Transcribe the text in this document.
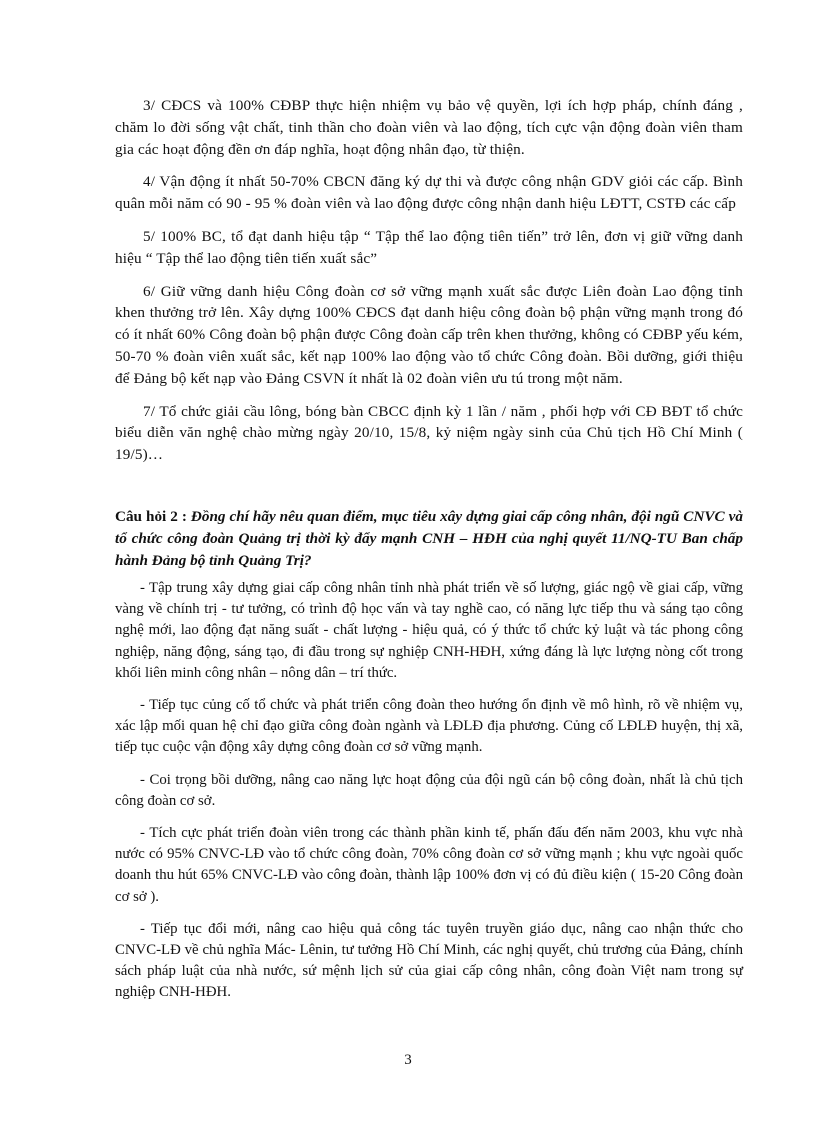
3/ CĐCS và 100% CĐBP thực hiện nhiệm vụ bảo vệ quyền, lợi ích hợp pháp, chính đáng , chăm lo đời sống vật chất, tinh thần cho đoàn viên và lao động, tích cực vận động đoàn viên tham gia các hoạt động đền ơn đáp nghĩa, hoạt động nhân đạo, từ thiện.

4/ Vận động ít nhất 50-70% CBCN đăng ký dự thi và được công nhận GDV giỏi các cấp. Bình quân mỗi năm có 90 - 95 % đoàn viên và lao động được công nhận danh hiệu LĐTT, CSTĐ các cấp

5/ 100% BC, tổ đạt danh hiệu tập “ Tập thể lao động tiên tiến” trở lên, đơn vị giữ vững danh hiệu “ Tập thể lao động tiên tiến xuất sắc”

6/ Giữ vững danh hiệu Công đoàn cơ sở vững mạnh xuất sắc được Liên đoàn Lao động tỉnh khen thưởng trở lên. Xây dựng 100% CĐCS đạt danh hiệu công đoàn bộ phận vững mạnh trong đó có ít nhất 60% Công đoàn bộ phận được Công đoàn cấp trên khen thưởng, không có CĐBP yếu kém, 50-70 % đoàn viên xuất sắc, kết nạp 100% lao động vào tổ chức Công đoàn. Bồi dưỡng, giới thiệu để Đảng bộ kết nạp vào Đảng CSVN ít nhất là 02 đoàn viên ưu tú trong một năm.

7/ Tổ chức giải cầu lông, bóng bàn CBCC định kỳ 1 lần / năm , phối hợp với CĐ BĐT tổ chức biểu diễn văn nghệ chào mừng ngày 20/10, 15/8, kỷ niệm ngày sinh của Chủ tịch Hồ Chí Minh ( 19/5)…

Câu hỏi 2 : Đồng chí hãy nêu quan điểm, mục tiêu xây dựng giai cấp công nhân, đội ngũ CNVC và tổ chức công đoàn Quảng trị thời kỳ đẩy mạnh CNH – HĐH của nghị quyết 11/NQ-TU Ban chấp hành Đảng bộ tỉnh Quảng Trị?

- Tập trung xây dựng giai cấp công nhân tỉnh nhà phát triển về số lượng, giác ngộ về giai cấp, vững vàng về chính trị - tư tưởng, có trình độ học vấn và tay nghề cao, có năng lực tiếp thu và sáng tạo công nghệ mới, lao động đạt năng suất - chất lượng - hiệu quả, có ý thức tổ chức kỷ luật và tác phong công nghiệp, năng động, sáng tạo, đi đầu trong sự nghiệp CNH-HĐH, xứng đáng là lực lượng nòng cốt trong khối liên minh công nhân – nông dân – trí thức.

- Tiếp tục củng cố tổ chức và phát triển công đoàn theo hướng ổn định về mô hình, rõ về nhiệm vụ, xác lập mối quan hệ chỉ đạo giữa công đoàn ngành và LĐLĐ địa phương. Củng cố LĐLĐ huyện, thị xã, tiếp tục cuộc vận động xây dựng công đoàn cơ sở vững mạnh.

- Coi trọng bồi dưỡng, nâng cao năng lực hoạt động của đội ngũ cán bộ công đoàn, nhất là chủ tịch công đoàn cơ sở.

- Tích cực phát triển đoàn viên trong các thành phần kinh tế, phấn đấu đến năm 2003, khu vực nhà nước có 95% CNVC-LĐ vào tổ chức công đoàn, 70% công đoàn cơ sở vững mạnh ; khu vực ngoài quốc doanh thu hút 65% CNVC-LĐ vào công đoàn, thành lập 100% đơn vị có đủ điều kiện ( 15-20 Công đoàn cơ sở ).

- Tiếp tục đổi mới, nâng cao hiệu quả công tác tuyên truyền giáo dục, nâng cao nhận thức cho CNVC-LĐ về chủ nghĩa Mác- Lênin, tư tưởng Hồ Chí Minh, các nghị quyết, chủ trương của Đảng, chính sách pháp luật của nhà nước, sứ mệnh lịch sử của giai cấp công nhân, công đoàn Việt nam trong sự nghiệp CNH-HĐH.

3
